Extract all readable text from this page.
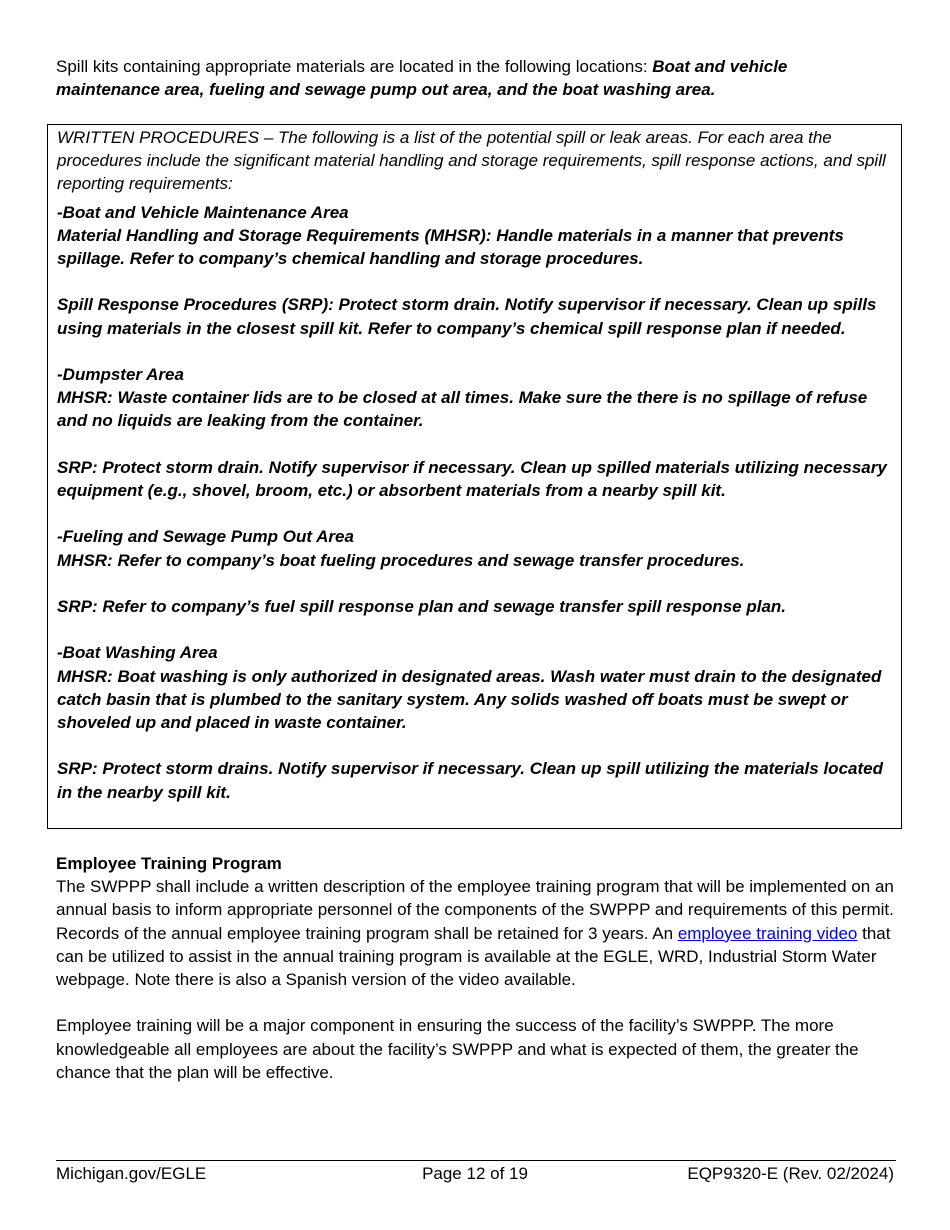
Spill kits containing appropriate materials are located in the following locations: Boat and vehicle maintenance area, fueling and sewage pump out area, and the boat washing area.

WRITTEN PROCEDURES – The following is a list of the potential spill or leak areas. For each area the procedures include the significant material handling and storage requirements, spill response actions, and spill reporting requirements:

-Boat and Vehicle Maintenance Area

Material Handling and Storage Requirements (MHSR): Handle materials in a manner that prevents spillage. Refer to company’s chemical handling and storage procedures.

Spill Response Procedures (SRP): Protect storm drain. Notify supervisor if necessary. Clean up spills using materials in the closest spill kit. Refer to company’s chemical spill response plan if needed.

-Dumpster Area

MHSR: Waste container lids are to be closed at all times. Make sure the there is no spillage of refuse and no liquids are leaking from the container.

SRP: Protect storm drain. Notify supervisor if necessary. Clean up spilled materials utilizing necessary equipment (e.g., shovel, broom, etc.) or absorbent materials from a nearby spill kit.

-Fueling and Sewage Pump Out Area

MHSR: Refer to company’s boat fueling procedures and sewage transfer procedures.

SRP: Refer to company’s fuel spill response plan and sewage transfer spill response plan.

-Boat Washing Area

MHSR: Boat washing is only authorized in designated areas. Wash water must drain to the designated catch basin that is plumbed to the sanitary system. Any solids washed off boats must be swept or shoveled up and placed in waste container.

SRP: Protect storm drains. Notify supervisor if necessary. Clean up spill utilizing the materials located in the nearby spill kit.

Employee Training Program

The SWPPP shall include a written description of the employee training program that will be implemented on an annual basis to inform appropriate personnel of the components of the SWPPP and requirements of this permit. Records of the annual employee training program shall be retained for 3 years. An employee training video that can be utilized to assist in the annual training program is available at the EGLE, WRD, Industrial Storm Water webpage. Note there is also a Spanish version of the video available.

Employee training will be a major component in ensuring the success of the facility’s SWPPP. The more knowledgeable all employees are about the facility’s SWPPP and what is expected of them, the greater the chance that the plan will be effective.

Michigan.gov/EGLE	Page 12 of 19	EQP9320-E (Rev. 02/2024)
